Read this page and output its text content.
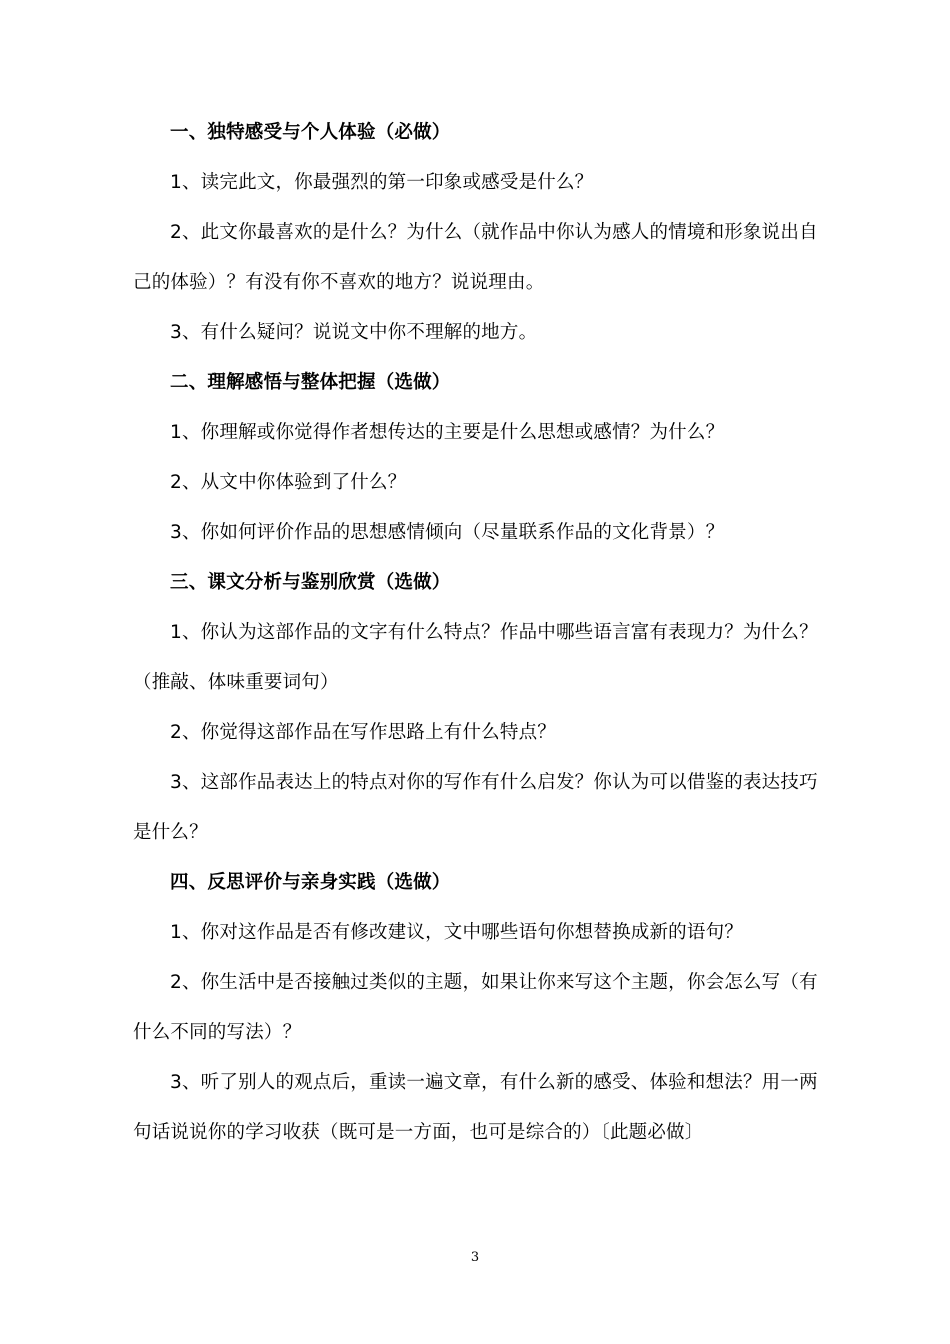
一、独特感受与个人体验（必做）
1、读完此文，你最强烈的第一印象或感受是什么？
2、此文你最喜欢的是什么？为什么（就作品中你认为感人的情境和形象说出自
己的体验）？有没有你不喜欢的地方？说说理由。
3、有什么疑问？说说文中你不理解的地方。
二、理解感悟与整体把握（选做）
1、你理解或你觉得作者想传达的主要是什么思想或感情？为什么？
2、从文中你体验到了什么？
3、你如何评价作品的思想感情倾向（尽量联系作品的文化背景）？
三、课文分析与鉴别欣赏（选做）
1、你认为这部作品的文字有什么特点？作品中哪些语言富有表现力？为什么？
（推敲、体味重要词句）
2、你觉得这部作品在写作思路上有什么特点？
3、这部作品表达上的特点对你的写作有什么启发？你认为可以借鉴的表达技巧
是什么？
四、反思评价与亲身实践（选做）
1、你对这作品是否有修改建议，文中哪些语句你想替换成新的语句？
2、你生活中是否接触过类似的主题，如果让你来写这个主题，你会怎么写（有
什么不同的写法）？
3、听了别人的观点后，重读一遍文章，有什么新的感受、体验和想法？用一两
句话说说你的学习收获（既可是一方面，也可是综合的）〔此题必做〕
3
